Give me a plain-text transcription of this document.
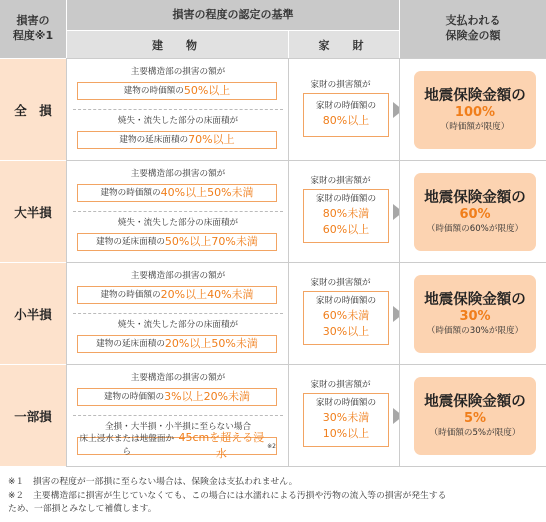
損害の
程度※1
損害の程度の認定の基準
建　物	家　財
支払われる
保険金の額
全　損
主要構造部の損害の額が
建物の時価額の 50%以上
焼失・流失した部分の床面積が
建物の延床面積の 70%以上
家財の損害額が
家財の時価額の
80%以上
地震保険金額の
100%
（時価額が限度）
大半損
主要構造部の損害の額が
建物の時価額の 40%以上50%未満
焼失・流失した部分の床面積が
建物の延床面積の 50%以上70%未満
家財の損害額が
家財の時価額の
80%未満
60%以上
地震保険金額の
60%
（時価額の60%が限度）
小半損
主要構造部の損害の額が
建物の時価額の 20%以上40%未満
焼失・流失した部分の床面積が
建物の延床面積の 20%以上50%未満
家財の損害額が
家財の時価額の
60%未満
30%以上
地震保険金額の
30%
（時価額の30%が限度）
一部損
主要構造部の損害の額が
建物の時価額の 3%以上20%未満
全損・大半損・小半損に至らない場合
床上浸水または地盤面から
45cmを超える浸水
※2
家財の損害額が
家財の時価額の
30%未満
10%以上
地震保険金額の
5%
（時価額の5%が限度）
※１ 損害の程度が一部損に至らない場合は、保険金は支払われません。
※２ 主要構造部に損害が生じていなくても、この場合には水濡れによる汚損や汚物の流入等の損害が発生する
ため、一部損とみなして補償します。
